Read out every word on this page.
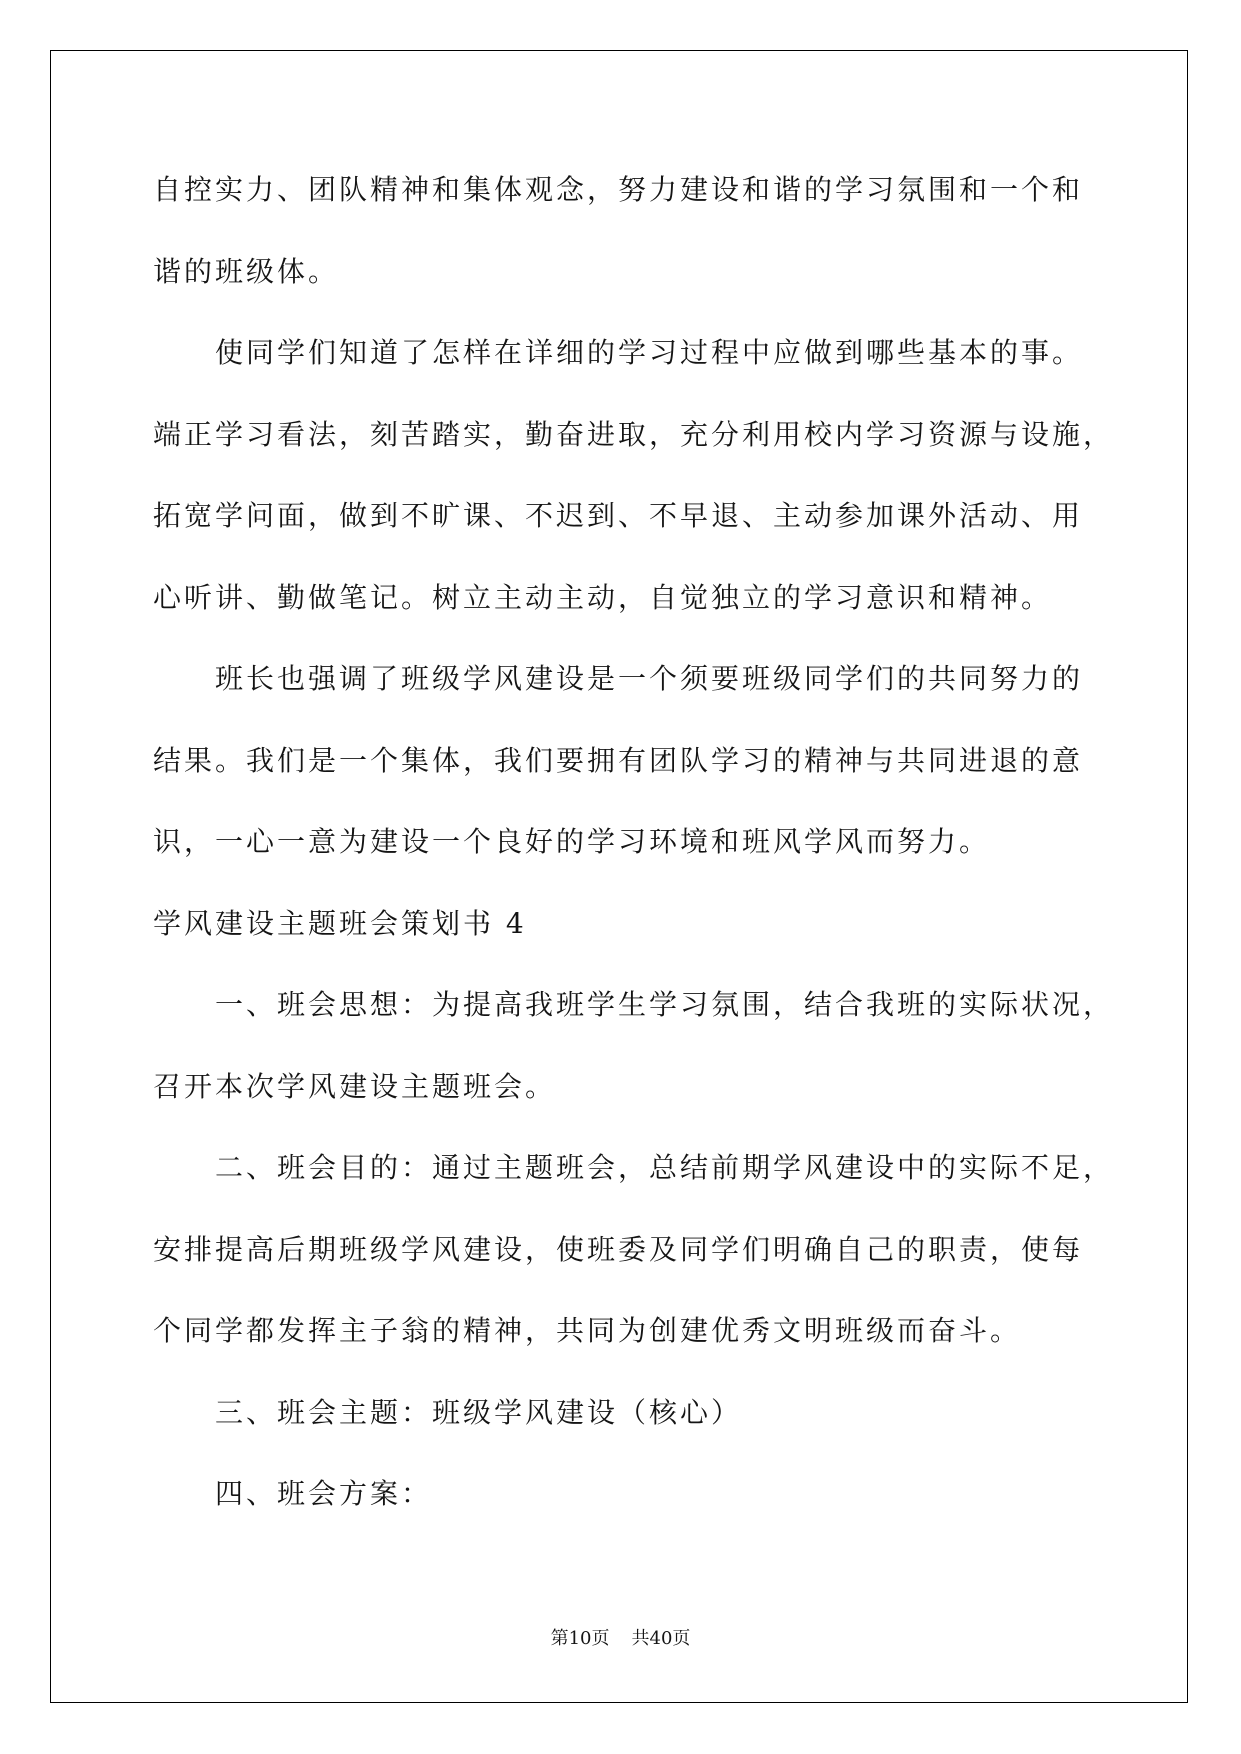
自控实力、团队精神和集体观念，努力建设和谐的学习氛围和一个和
谐的班级体。
使同学们知道了怎样在详细的学习过程中应做到哪些基本的事。
端正学习看法，刻苦踏实，勤奋进取，充分利用校内学习资源与设施，
拓宽学问面，做到不旷课、不迟到、不早退、主动参加课外活动、用
心听讲、勤做笔记。树立主动主动，自觉独立的学习意识和精神。
班长也强调了班级学风建设是一个须要班级同学们的共同努力的
结果。我们是一个集体，我们要拥有团队学习的精神与共同进退的意
识，一心一意为建设一个良好的学习环境和班风学风而努力。
学风建设主题班会策划书 4
一、班会思想：为提高我班学生学习氛围，结合我班的实际状况，
召开本次学风建设主题班会。
二、班会目的：通过主题班会，总结前期学风建设中的实际不足，
安排提高后期班级学风建设，使班委及同学们明确自己的职责，使每
个同学都发挥主子翁的精神，共同为创建优秀文明班级而奋斗。
三、班会主题：班级学风建设（核心）
四、班会方案：
第10页 共40页
